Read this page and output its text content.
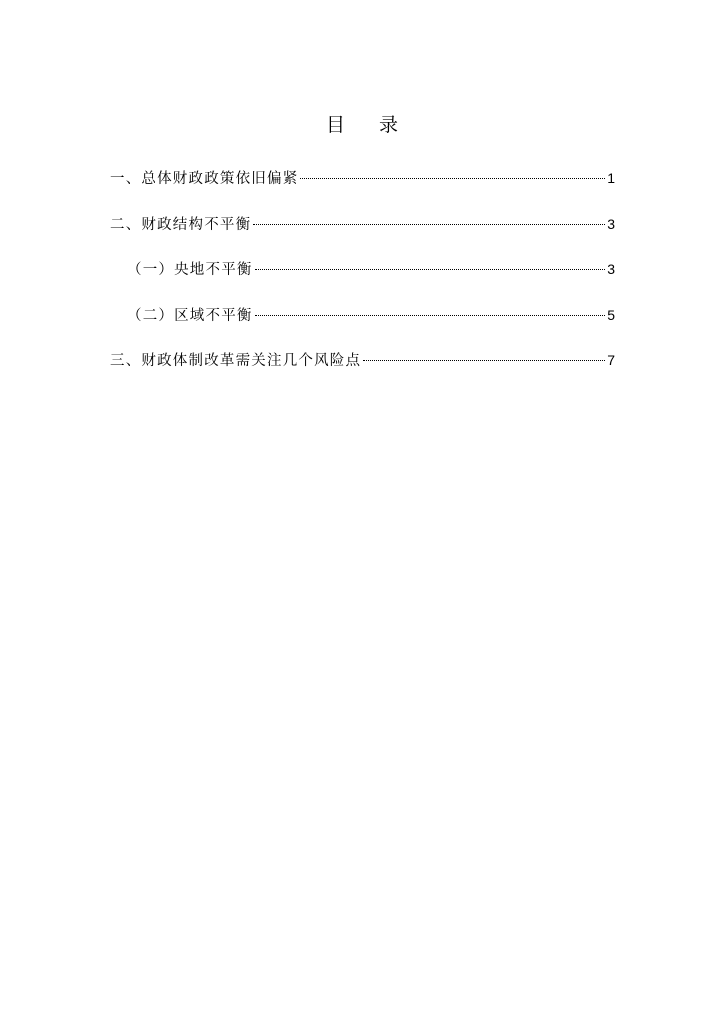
目 录
一、总体财政政策依旧偏紧	1
二、财政结构不平衡	3
（一）央地不平衡	3
（二）区域不平衡	5
三、财政体制改革需关注几个风险点	7
